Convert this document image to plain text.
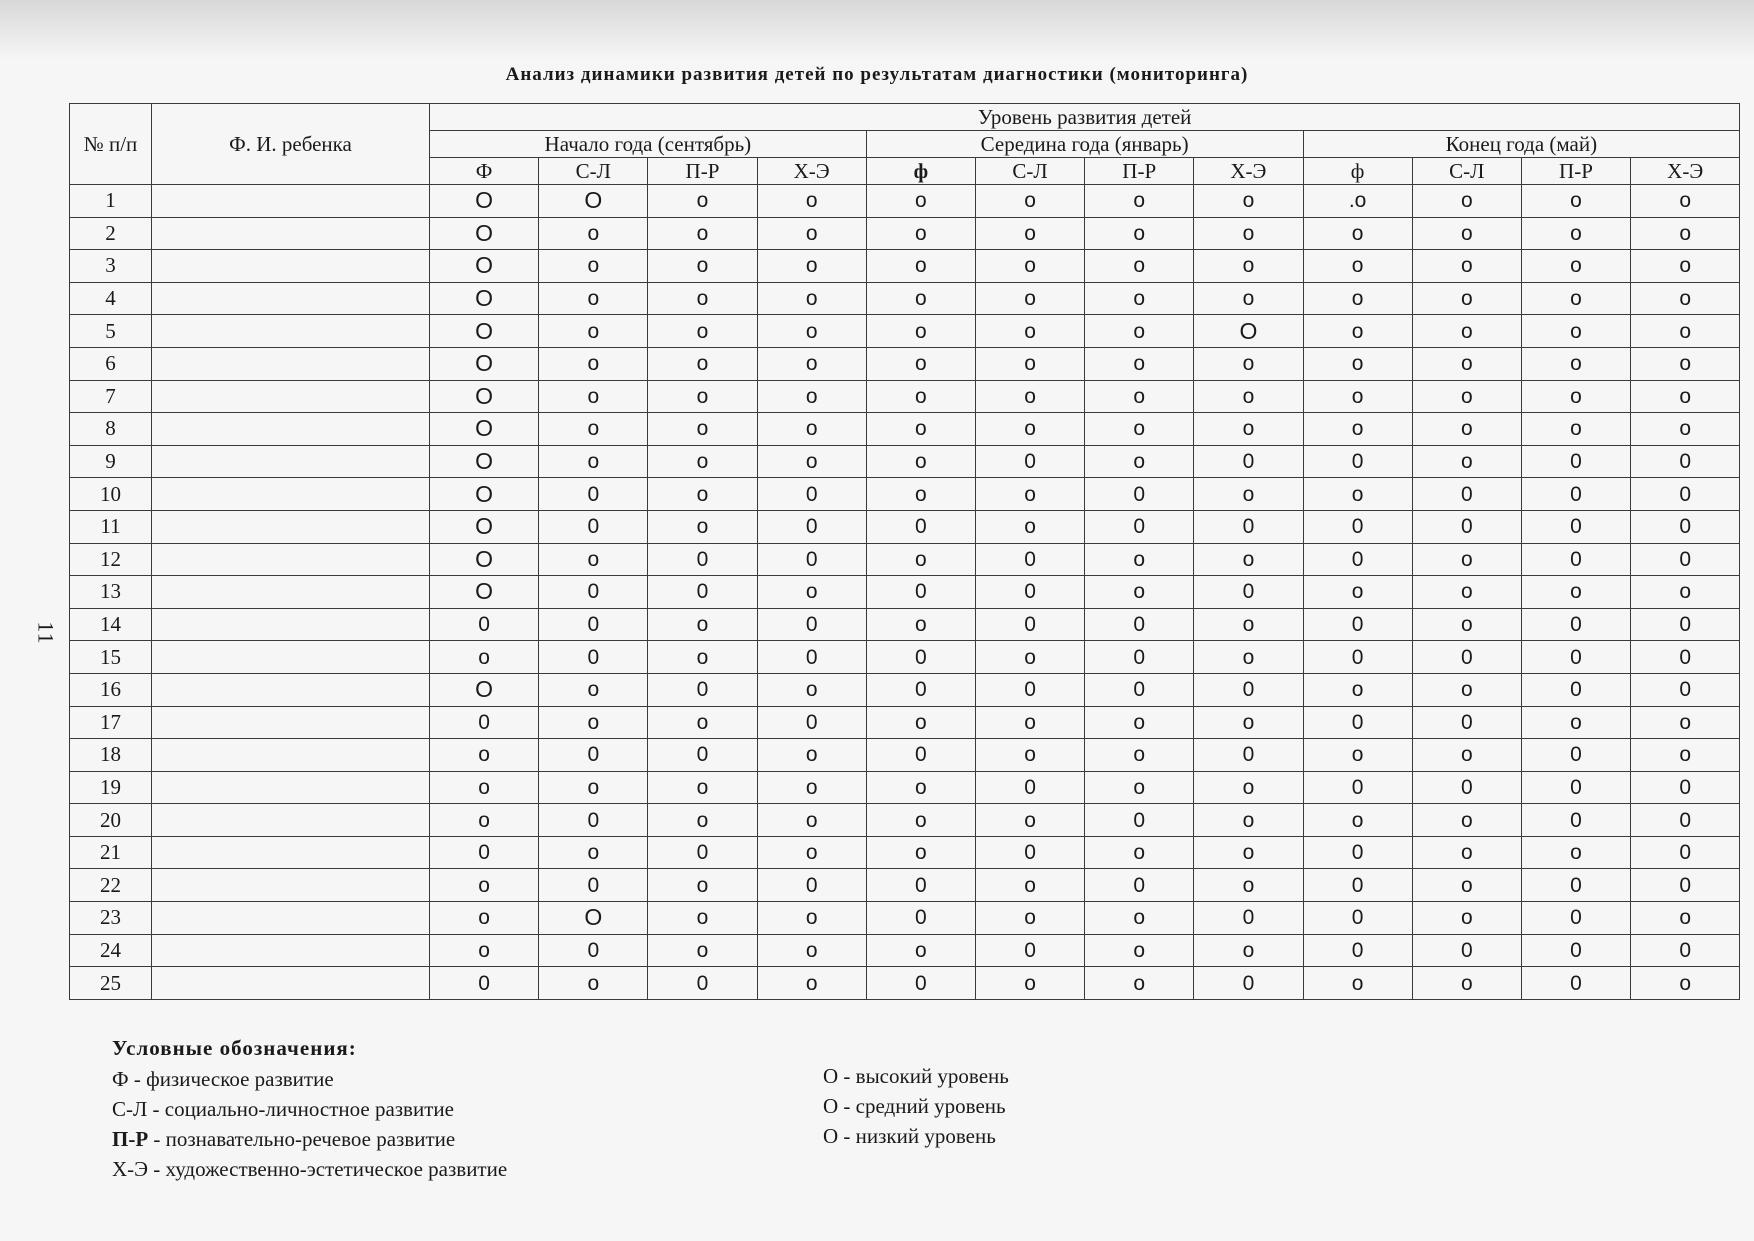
11
Анализ динамики развития детей по результатам диагностики (мониторинга)
№ п/п	Ф. И. ребенка	Уровень развития детей											
		Начало года (сентябрь)				Середина года (январь)				Конец года (май)			
		Ф	С-Л	П-Р	Х-Э	ф	С-Л	П-Р	Х-Э	ф	С-Л	П-Р	Х-Э
1		O	O	o	o	o	o	o	o	.o	o	o	o
2		O	o	o	o	o	o	o	o	o	o	o	o
3		O	o	o	o	o	o	o	o	o	o	o	o
4		O	o	o	o	o	o	o	o	o	o	o	o
5		O	o	o	o	o	o	o	O	o	o	o	o
6		O	o	o	o	o	o	o	o	o	o	o	o
7		O	o	o	o	o	o	o	o	o	o	o	o
8		O	o	o	o	o	o	o	o	o	o	o	o
9		O	o	o	o	o	0	o	0	0	o	0	0
10		O	0	o	0	o	o	0	o	o	0	0	0
11		O	0	o	0	0	o	0	0	0	0	0	0
12		O	o	0	0	o	0	o	o	0	o	0	0
13		O	0	0	o	0	0	o	0	o	o	o	o
14		0	0	o	0	o	0	0	o	0	o	0	0
15		o	0	o	0	0	o	0	o	0	0	0	0
16		O	o	0	o	0	0	0	0	o	o	0	0
17		0	o	o	0	o	o	o	o	0	0	o	o
18		o	0	0	o	0	o	o	0	o	o	0	o
19		o	o	o	o	o	0	o	o	0	0	0	0
20		o	0	o	o	o	o	0	o	o	o	0	0
21		0	o	0	o	o	0	o	o	0	o	o	0
22		o	0	o	0	0	o	0	o	0	o	0	0
23		o	O	o	o	0	o	o	0	0	o	0	o
24		o	0	o	o	o	0	o	o	0	0	0	0
25		0	o	0	o	0	o	o	0	o	o	0	o
Условные обозначения:
Ф - физическое развитие
С-Л - социально-личностное развитие
П-Р - познавательно-речевое развитие
Х-Э - художественно-эстетическое развитие
О - высокий уровень
О - средний уровень
О - низкий уровень
